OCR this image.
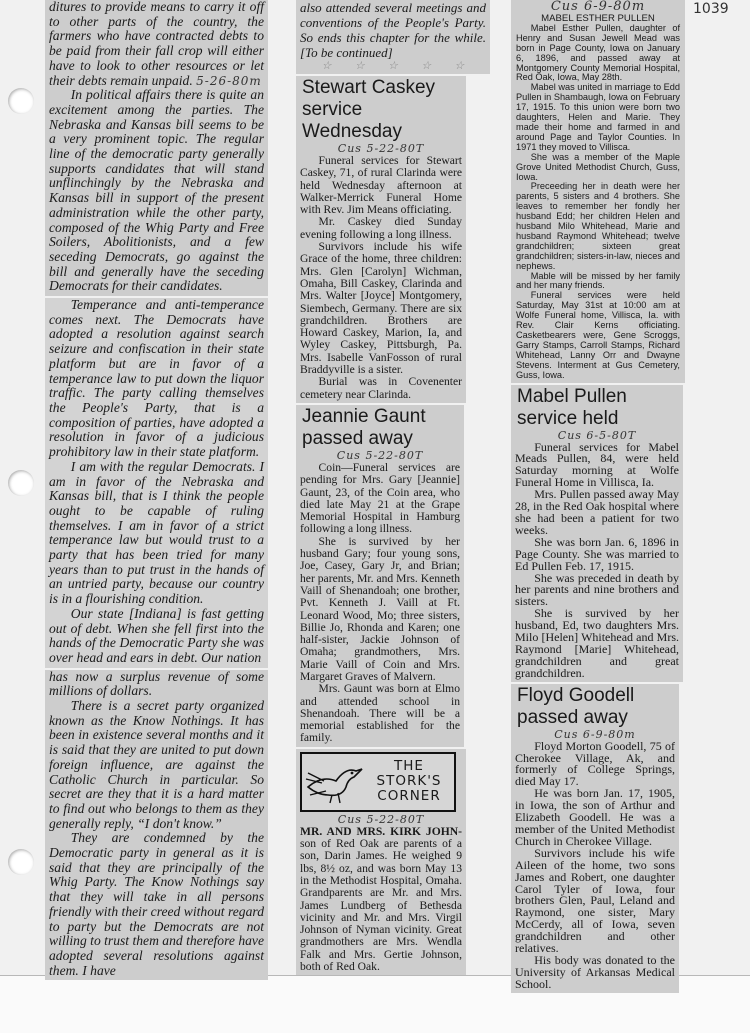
1039

ditures to provide means to carry it off to other parts of the country, the farmers who have contracted debts to be paid from their fall crop will either have to look to other resources or let their debts remain unpaid. 5-26-80m

In political affairs there is quite an excitement among the parties. The Nebraska and Kansas bill seems to be a very prominent topic. The regular line of the democratic party generally supports candidates that will stand unflinchingly by the Nebraska and Kansas bill in support of the present administration while the other party, composed of the Whig Party and Free Soilers, Abolitionists, and a few seceding Democrats, go against the bill and generally have the seceding Democrats for their candidates.

Temperance and anti-temperance comes next. The Democrats have adopted a resolution against search seizure and confiscation in their state platform but are in favor of a temperance law to put down the liquor traffic. The party calling themselves the People's Party, that is a composition of parties, have adopted a resolution in favor of a judicious prohibitory law in their state platform.

I am with the regular Democrats. I am in favor of the Nebraska and Kansas bill, that is I think the people ought to be capable of ruling themselves. I am in favor of a strict temperance law but would trust to a party that has been tried for many years than to put trust in the hands of an untried party, because our country is in a flourishing condition.

Our state [Indiana] is fast getting out of debt. When she fell first into the hands of the Democratic Party she was over head and ears in debt. Our nation

has now a surplus revenue of some millions of dollars.

There is a secret party organized known as the Know Nothings. It has been in existence several months and it is said that they are united to put down foreign influence, are against the Catholic Church in particular. So secret are they that it is a hard matter to find out who belongs to them as they generally reply, “I don't know.”

They are condemned by the Democratic party in general as it is said that they are principally of the Whig Party. The Know Nothings say that they will take in all persons friendly with their creed without regard to party but the Democrats are not willing to trust them and therefore have adopted several resolutions against them. I have

also attended several meetings and conventions of the People's Party. So ends this chapter for the while. [To be continued]

☆ ☆ ☆ ☆ ☆
Stewart Caskey
service Wednesday
Cus 5-22-80T

Funeral services for Stewart Caskey, 71, of rural Clarinda were held Wednesday afternoon at Walker-Merrick Funeral Home with Rev. Jim Means officiating.

Mr. Caskey died Sunday evening following a long illness.

Survivors include his wife Grace of the home, three children: Mrs. Glen [Carolyn] Wichman, Omaha, Bill Caskey, Clarinda and Mrs. Walter [Joyce] Montgomery, Siembech, Germany. There are six grandchildren. Brothers are Howard Caskey, Marion, Ia, and Wyley Caskey, Pittsburgh, Pa. Mrs. Isabelle VanFosson of rural Braddyville is a sister.

Burial was in Covenenter cemetery near Clarinda.

Jeannie Gaunt
passed away
Cus 5-22-80T

Coin—Funeral services are pending for Mrs. Gary [Jeannie] Gaunt, 23, of the Coin area, who died late May 21 at the Grape Memorial Hospital in Hamburg following a long illness.

She is survived by her husband Gary; four young sons, Joe, Casey, Gary Jr, and Brian; her parents, Mr. and Mrs. Kenneth Vaill of Shenandoah; one brother, Pvt. Kenneth J. Vaill at Ft. Leonard Wood, Mo; three sisters, Billie Jo, Rhonda and Karen; one half-sister, Jackie Johnson of Omaha; grandmothers, Mrs. Marie Vaill of Coin and Mrs. Margaret Graves of Malvern.

Mrs. Gaunt was born at Elmo and attended school in Shenandoah. There will be a memorial established for the family.

THE
STORK'S
CORNER
Cus 5-22-80T

MR. AND MRS. KIRK JOHN-son of Red Oak are parents of a son, Darin James. He weighed 9 lbs, 8½ oz, and was born May 13 in the Methodist Hospital, Omaha. Grandparents are Mr. and Mrs. James Lundberg of Bethesda vicinity and Mr. and Mrs. Virgil Johnson of Nyman vicinity. Great grandmothers are Mrs. Wendla Falk and Mrs. Gertie Johnson, both of Red Oak.

Cus 6-9-80m
MABEL ESTHER PULLEN

Mabel Esther Pullen, daughter of Henry and Susan Jewell Mead was born in Page County, Iowa on January 6, 1896, and passed away at Montgomery County Memorial Hospital, Red Oak, Iowa, May 28th.

Mabel was united in marriage to Edd Pullen in Shambaugh, Iowa on February 17, 1915. To this union were born two daughters, Helen and Marie. They made their home and farmed in and around Page and Taylor Counties. In 1971 they moved to Villisca.

She was a member of the Maple Grove United Methodist Church, Guss, Iowa.

Preceeding her in death were her parents, 5 sisters and 4 brothers. She leaves to remember her fondly her husband Edd; her children Helen and husband Milo Whitehead, Marie and husband Raymond Whitehead; twelve grandchildren; sixteen great grandchildren; sisters-in-law, nieces and nephews.

Mable will be missed by her family and her many friends.

Funeral services were held Saturday, May 31st at 10:00 am at Wolfe Funeral home, Villisca, Ia. with Rev. Clair Kerns officiating. Casketbearers were, Gene Scroggs, Garry Stamps, Carroll Stamps, Richard Whitehead, Lanny Orr and Dwayne Stevens. Interment at Gus Cemetery, Guss, Iowa.

Mabel Pullen
service held
Cus 6-5-80T

Funeral services for Mabel Meads Pullen, 84, were held Saturday morning at Wolfe Funeral Home in Villisca, Ia.

Mrs. Pullen passed away May 28, in the Red Oak hospital where she had been a patient for two weeks.

She was born Jan. 6, 1896 in Page County. She was married to Ed Pullen Feb. 17, 1915.

She was preceded in death by her parents and nine brothers and sisters.

She is survived by her husband, Ed, two daughters Mrs. Milo [Helen] Whitehead and Mrs. Raymond [Marie] Whitehead, grandchildren and great grandchildren.

Floyd Goodell
passed away
Cus 6-9-80m

Floyd Morton Goodell, 75 of Cherokee Village, Ak, and formerly of College Springs, died May 17.

He was born Jan. 17, 1905, in Iowa, the son of Arthur and Elizabeth Goodell. He was a member of the United Methodist Church in Cherokee Village.

Survivors include his wife Aileen of the home, two sons James and Robert, one daughter Carol Tyler of Iowa, four brothers Glen, Paul, Leland and Raymond, one sister, Mary McCerdy, all of Iowa, seven grandchildren and other relatives.

His body was donated to the University of Arkansas Medical School.
